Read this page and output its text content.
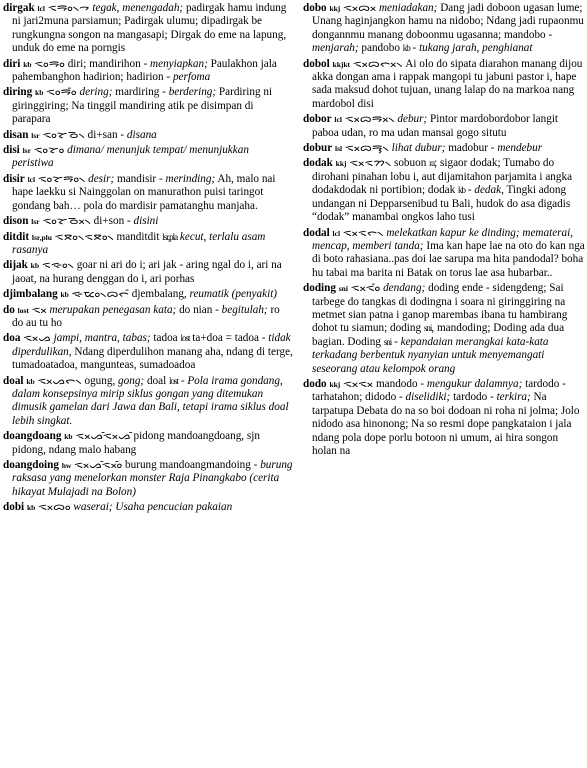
dirgak lcl ᯑᯪᯒ᯲ᯎ tegak, menengadah; padirgak hamu indung ni jari2muna parsiamun; Padirgak ulumu; dipadirgak be rungkungna songon na mangasapi; Dirgak do eme na lapung, unduk do eme na porngis
diri kb ᯑᯪᯒᯪ diri; mandirihon - menyiapkan; Paulakhon jala pahembanghon hadirion; hadirion - perfoma
diring kb ᯑᯪᯒᯪᯰ dering; mardiring - berdering; Pardiring ni giringgiring; Na tinggil mandiring atik pe disimpan di parapara
disan lsr ᯑᯪᯘᯉ᯲ di+san - disana
disi lsr ᯑᯪᯘᯪ dimana/ menunjuk tempat/ menunjukkan peristiwa
disir lcl ᯑᯪᯘᯪᯒ᯲ desir; mandisir - merinding; Ah, malo nai hape laekku si Nainggolan on manurathon puisi taringot gondang bah… pola do mardisir pamatanghu manjaha.
dison lsr ᯑᯪᯘᯬᯉ᯲ di+son - disini
ditdit lsr,plu ᯑᯪᯖ᯲ᯑᯪᯖ᯲ manditdit lsr,pla kecut, terlalu asam rasanya
dijak kb ᯑᯪᯐ᯲ goar ni ari do i; ari jak - aring ngal do i, ari na jaoat, na hurang denggan do i, ari porhas
djimbalang kb ᯐᯪᯔ᯲ᯅᯞᯰ djembalang, reumatik (penyakit)
do lost ᯑᯬ merupakan penegasan kata; do nian - begitulah; ro do au tu ho
doa ᯑᯬᯀ jampi, mantra, tabas; tadoa lost ta+doa = tadoa - tidak diperdulikan, Ndang diperdulihon manang aha, ndang di terge, tumadoatadoa, mangunteas, sumadoadoa
doal kb ᯑᯬᯀᯞ᯲ ogung, gong; doal lost - Pola irama gondang, dalam konsepsinya mirip siklus gongan yang ditemukan dimusik gamelan dari Jawa dan Bali, tetapi irama siklus doal lebih singkat.
doangdoang kb ᯑᯬᯀᯰᯑᯬᯀᯰ pidong mandoangdoang, sjn pidong, ndang malo habang
doangdoing hw ᯑᯬᯀᯰᯑᯬᯪᯰ burung mandoangmandoing - burung raksasa yang menelorkan monster Raja Pinangkabo (cerita hikayat Mulajadi na Bolon)
dobi kb ᯑᯬᯅᯪ waserai; Usaha pencucian pakaian
dobo kkj ᯑᯬᯅᯬ meniadakan; Dang jadi doboon ugasan lume; Unang haginjangkon hamu na nidobo; Ndang jadi rupaonmu dongannmu manang doboonmu ugasanna; mandobo - menjarah; pandobo kb - tukang jarah, penghianat
dobol kkjkt ᯑᯬᯅᯬᯞ᯲ Ai olo do sipata diarahon manang dijou akka dongan ama i rappak mangopi tu jabuni pastor i, hape sada maksud dohot tujuan, unang lalap do na markoa nang mardobol disi
dobor lcl ᯑᯬᯅᯬᯒ᯲ debur; Pintor mardobordobor langit paboa udan, ro ma udan mansai gogo situtu
dobur lsl ᯑᯬᯅᯮᯒ᯲ lihat dubur; madobur - mendebur
dodak kkj ᯑᯬᯑᯂ᯲ sobuon ra; sigaor dodak; Tumabo do dirohani pinahan lobu i, aut dijamitahon parjamita i angka dodakdodak ni portibion; dodak kb - dedak, Tingki adong undangan ni Depparsenibud tu Bali, hudok do asa digadis “dodak” manambai ongkos laho tusi
dodal lcl ᯑᯬᯑᯞ᯲ melekatkan kapur ke dinding; mematerai, mencap, memberi tanda; Ima kan hape lae na oto do kan nga di boto rahasiana..pas doi lae sarupa ma hita pandodal? boha hu tabai ma barita ni Batak on torus lae asa hubarbar..
doding sni ᯑᯬᯑᯪᯰ dendang; doding ende - sidengdeng; Sai tarbege do tangkas di dodingna i soara ni giringgiring na metmet sian patna i ganop marembas ibana tu hambirang dohot tu siamun; doding sni, mandoding; Doding ada dua bagian. Doding sni - kepandaian merangkai kata-kata terkadang berbentuk nyanyian untuk menyemangati seseorang atau kelompok orang
dodo kkj ᯑᯬᯑᯬ mandodo - mengukur dalamnya; tardodo - tarhatahon; didodo - diselidiki; tardodo - terkira; Na tarpatupa Debata do na so boi dodoan ni roha ni jolma; Jolo nidodo asa hinonong; Na so resmi dope pangkataion i jala ndang pola dope porlu botoon ni umum, ai hira songon holan na
